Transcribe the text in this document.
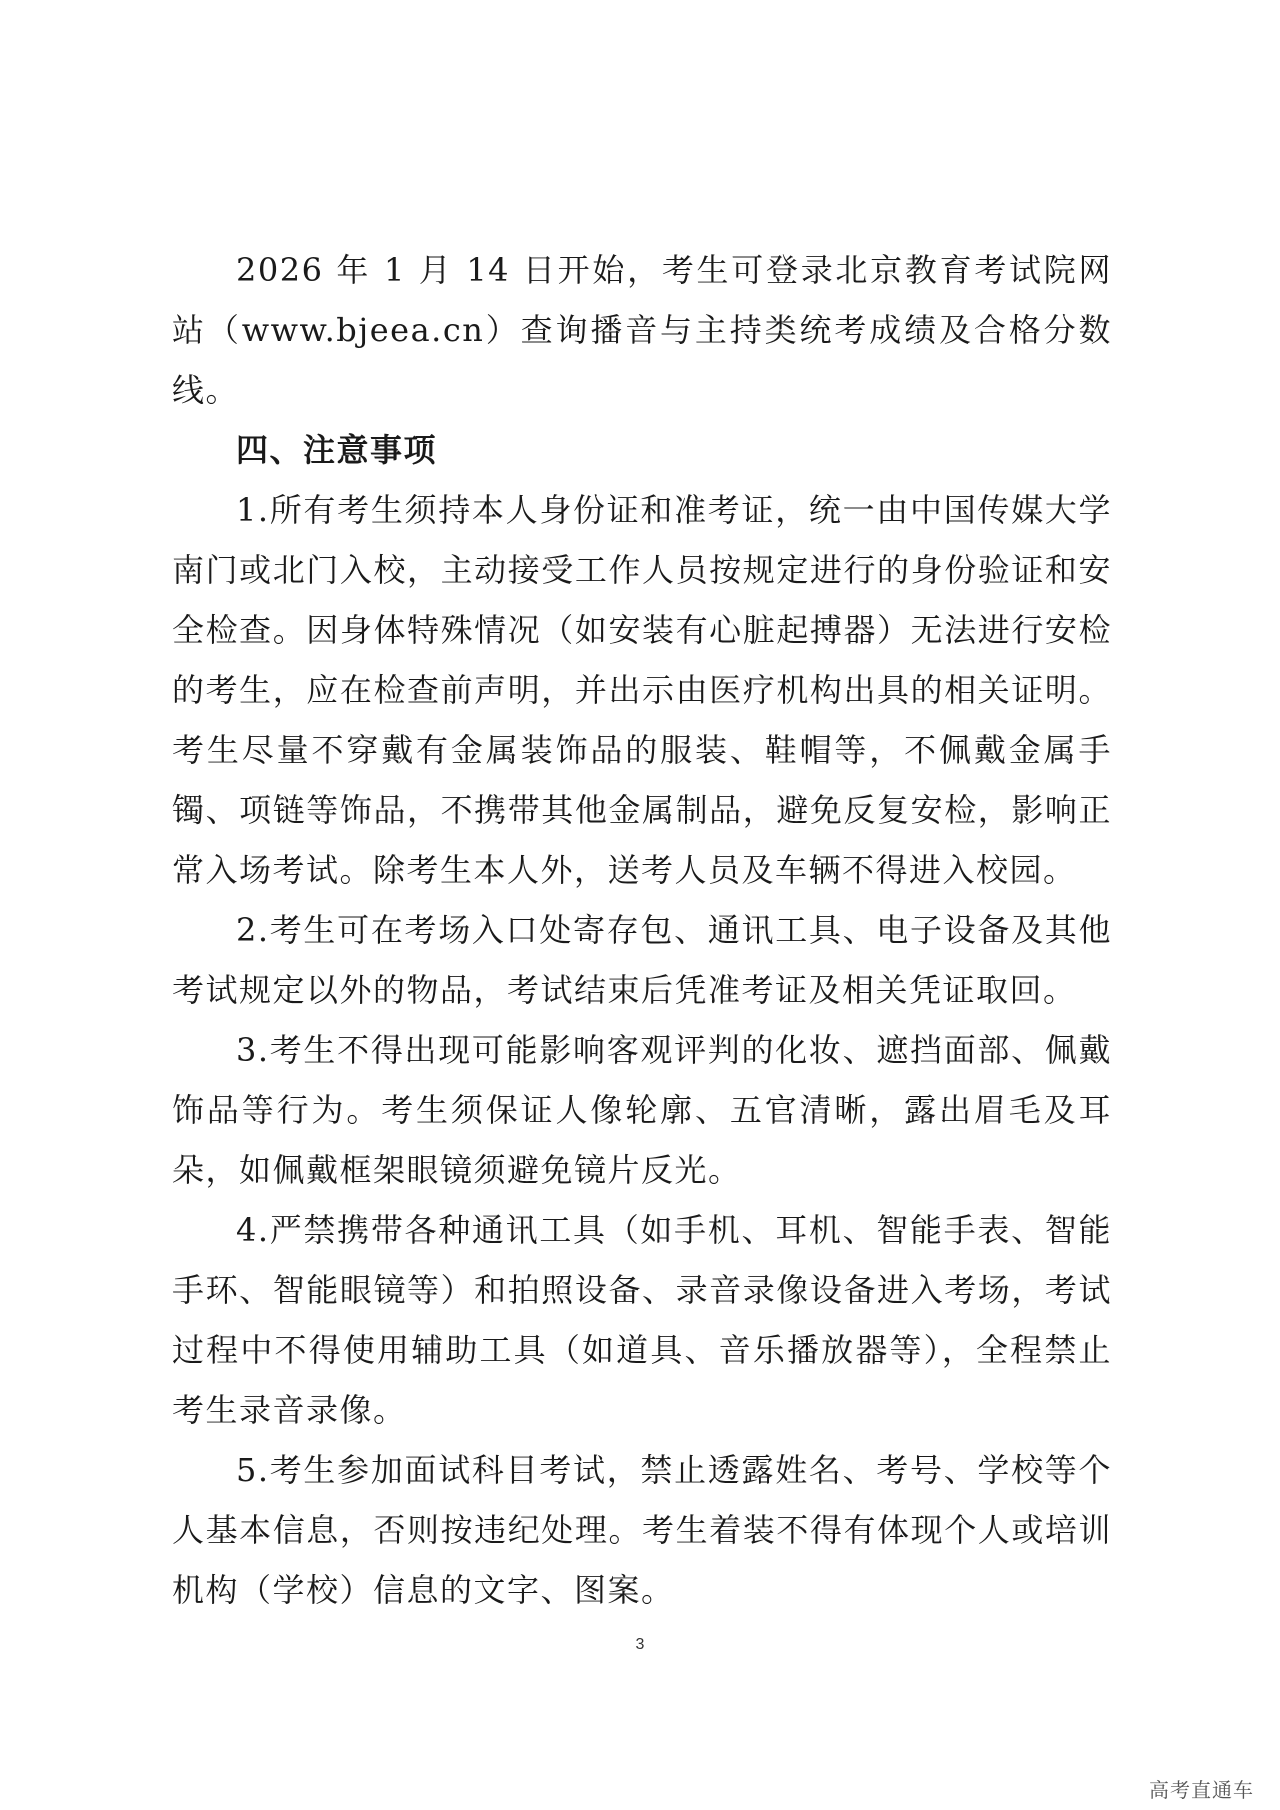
2026 年 1 月 14 日开始，考生可登录北京教育考试院网站（www.bjeea.cn）查询播音与主持类统考成绩及合格分数线。

四、注意事项

1.所有考生须持本人身份证和准考证，统一由中国传媒大学南门或北门入校，主动接受工作人员按规定进行的身份验证和安全检查。因身体特殊情况（如安装有心脏起搏器）无法进行安检的考生，应在检查前声明，并出示由医疗机构出具的相关证明。考生尽量不穿戴有金属装饰品的服装、鞋帽等，不佩戴金属手镯、项链等饰品，不携带其他金属制品，避免反复安检，影响正常入场考试。除考生本人外，送考人员及车辆不得进入校园。

2.考生可在考场入口处寄存包、通讯工具、电子设备及其他考试规定以外的物品，考试结束后凭准考证及相关凭证取回。

3.考生不得出现可能影响客观评判的化妆、遮挡面部、佩戴饰品等行为。考生须保证人像轮廓、五官清晰，露出眉毛及耳朵，如佩戴框架眼镜须避免镜片反光。

4.严禁携带各种通讯工具（如手机、耳机、智能手表、智能手环、智能眼镜等）和拍照设备、录音录像设备进入考场，考试过程中不得使用辅助工具（如道具、音乐播放器等），全程禁止考生录音录像。

5.考生参加面试科目考试，禁止透露姓名、考号、学校等个人基本信息，否则按违纪处理。考生着装不得有体现个人或培训机构（学校）信息的文字、图案。

3
高考直通车
